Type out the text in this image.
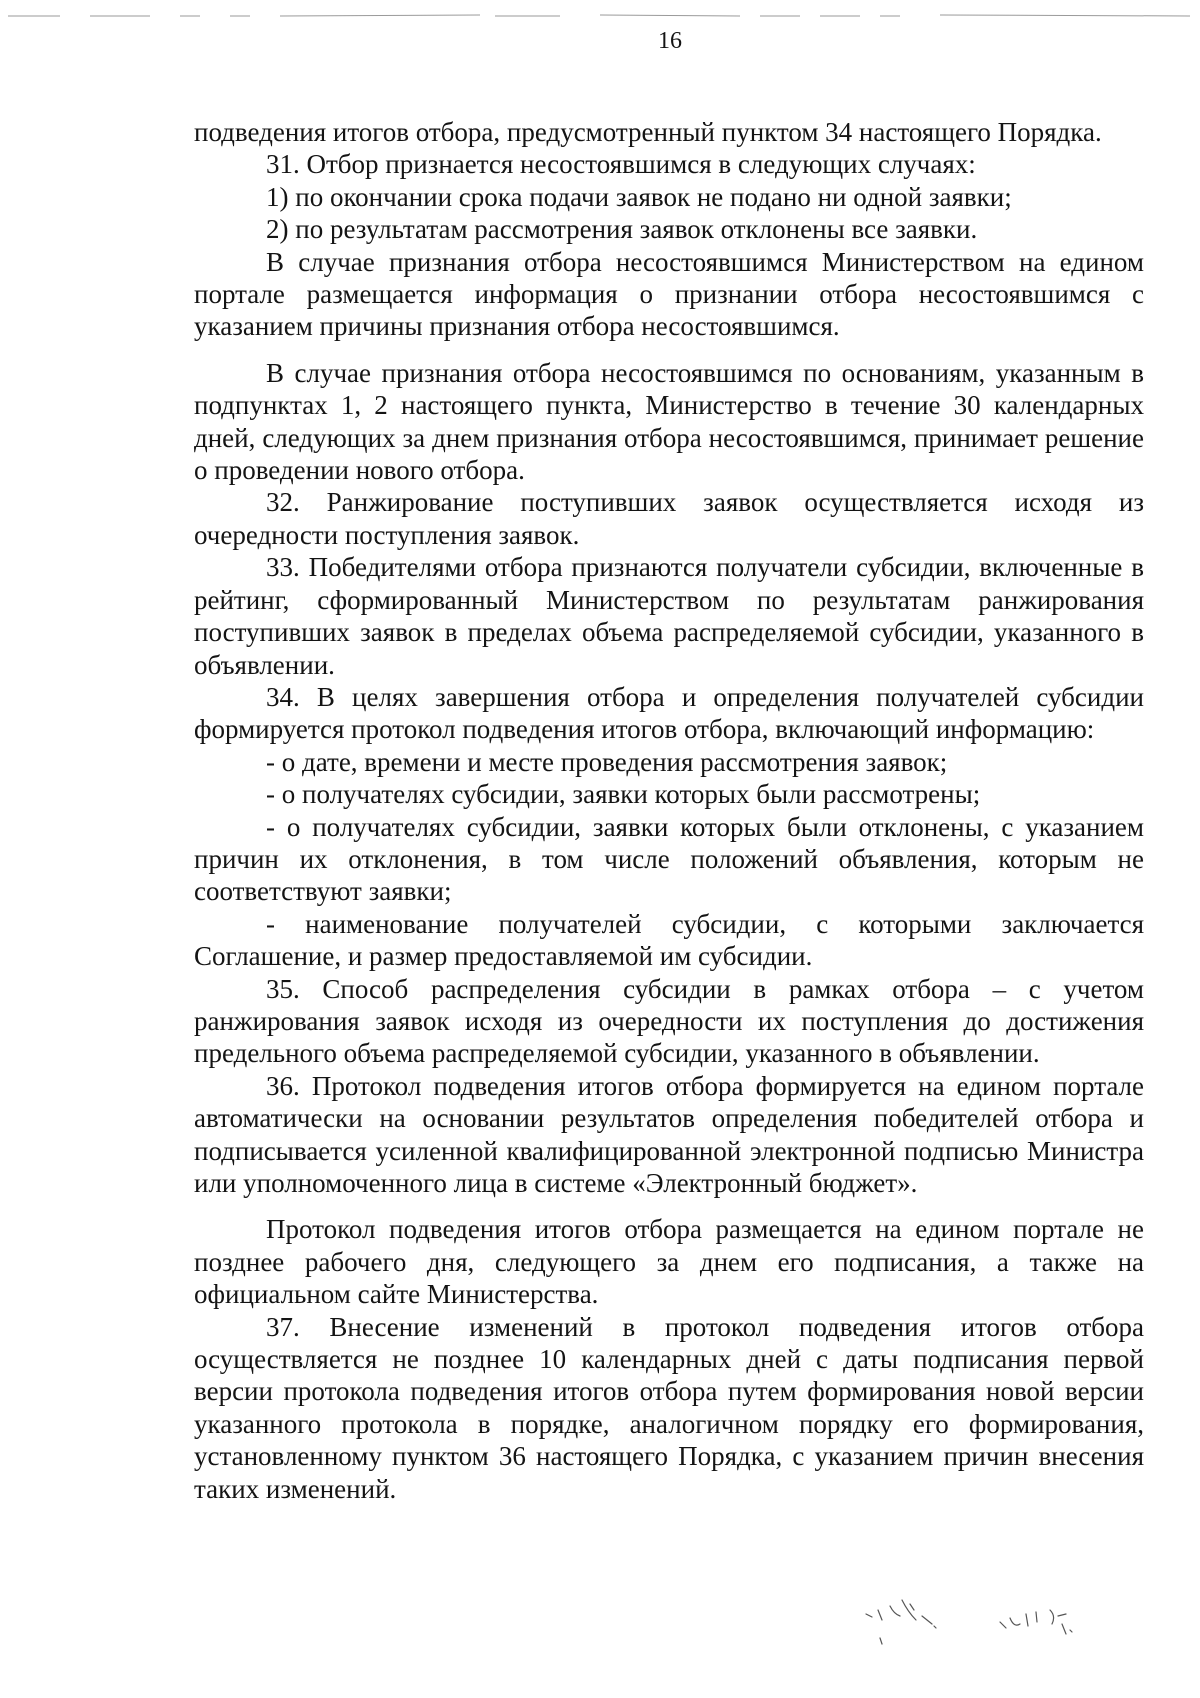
16

подведения итогов отбора, предусмотренный пунктом 34 настоящего Порядка.

31. Отбор признается несостоявшимся в следующих случаях:

1) по окончании срока подачи заявок не подано ни одной заявки;

2) по результатам рассмотрения заявок отклонены все заявки.

В случае признания отбора несостоявшимся Министерством на едином портале размещается информация о признании отбора несостоявшимся с указанием причины признания отбора несостоявшимся.

В случае признания отбора несостоявшимся по основаниям, указанным в подпунктах 1, 2 настоящего пункта, Министерство в течение 30 календарных дней, следующих за днем признания отбора несостоявшимся, принимает решение о проведении нового отбора.

32. Ранжирование поступивших заявок осуществляется исходя из очередности поступления заявок.

33. Победителями отбора признаются получатели субсидии, включенные в рейтинг, сформированный Министерством по результатам ранжирования поступивших заявок в пределах объема распределяемой субсидии, указанного в объявлении.

34. В целях завершения отбора и определения получателей субсидии формируется протокол подведения итогов отбора, включающий информацию:

- о дате, времени и месте проведения рассмотрения заявок;

- о получателях субсидии, заявки которых были рассмотрены;

- о получателях субсидии, заявки которых были отклонены, с указанием причин их отклонения, в том числе положений объявления, которым не соответствуют заявки;

- наименование получателей субсидии, с которыми заключается Соглашение, и размер предоставляемой им субсидии.

35. Способ распределения субсидии в рамках отбора – с учетом ранжирования заявок исходя из очередности их поступления до достижения предельного объема распределяемой субсидии, указанного в объявлении.

36. Протокол подведения итогов отбора формируется на едином портале автоматически на основании результатов определения победителей отбора и подписывается усиленной квалифицированной электронной подписью Министра или уполномоченного лица в системе «Электронный бюджет».

Протокол подведения итогов отбора размещается на едином портале не позднее рабочего дня, следующего за днем его подписания, а также на официальном сайте Министерства.

37. Внесение изменений в протокол подведения итогов отбора осуществляется не позднее 10 календарных дней с даты подписания первой версии протокола подведения итогов отбора путем формирования новой версии указанного протокола в порядке, аналогичном порядку его формирования, установленному пунктом 36 настоящего Порядка, с указанием причин внесения таких изменений.
